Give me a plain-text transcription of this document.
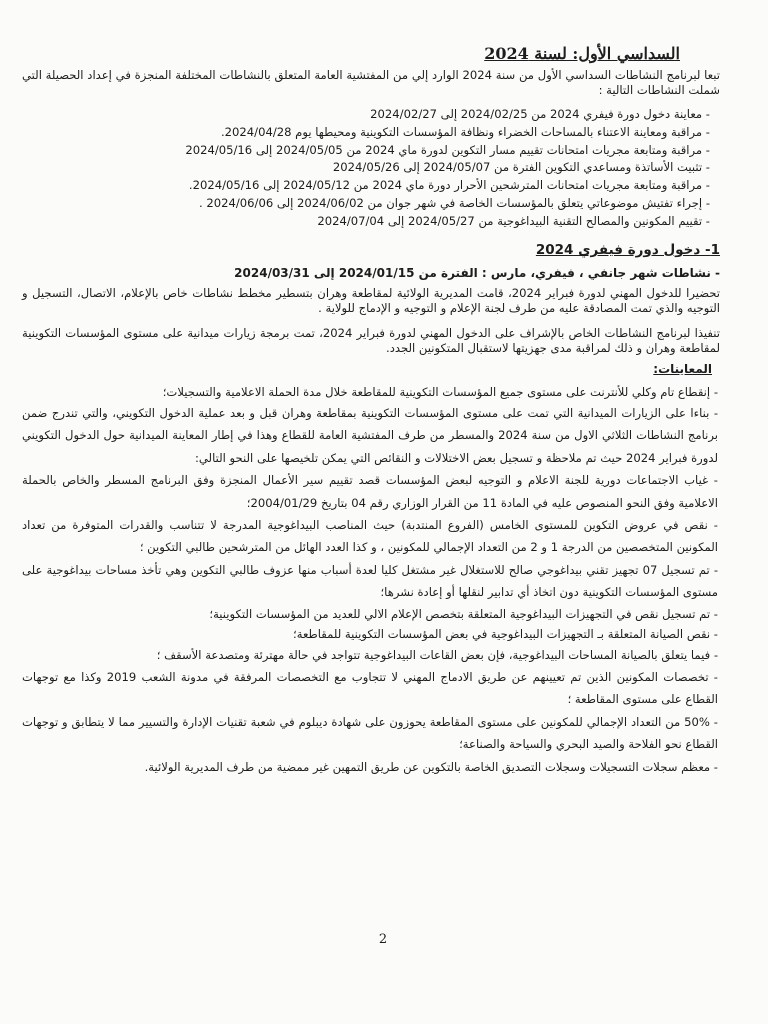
السداسي الأول: لسنة 2024

تبعا لبرنامج النشاطات السداسي الأول من سنة 2024 الوارد إلي من المفتشية العامة المتعلق بالنشاطات المختلفة المنجزة في إعداد الحصيلة التي شملت النشاطات التالية :

- معاينة دخول دورة فيفري 2024 من 2024/02/25 إلى 2024/02/27
- مراقبة ومعاينة الاعتناء بالمساحات الخضراء ونظافة المؤسسات التكوينية ومحيطها يوم 2024/04/28.
- مراقبة ومتابعة مجريات امتحانات تقييم مسار التكوين لدورة ماي 2024 من 2024/05/05 إلى 2024/05/16
- تثبيت الأساتذة ومساعدي التكوين الفترة من 2024/05/07 إلى 2024/05/26
- مراقبة ومتابعة مجريات امتحانات المترشحين الأحرار دورة ماي 2024 من 2024/05/12 إلى 2024/05/16.
- إجراء تفتيش موضوعاتي يتعلق بالمؤسسات الخاصة في شهر جوان من 2024/06/02 إلى 2024/06/06 .
- تقييم المكونين والمصالح التقنية البيداغوجية من 2024/05/27 إلى 2024/07/04
1- دخول دورة فيفري 2024

- نشاطات شهر جانفي ، فيفري، مارس : الفترة من 2024/01/15 إلى 2024/03/31

تحضيرا للدخول المهني لدورة فبراير 2024، قامت المديرية الولائية لمقاطعة وهران بتسطير مخطط نشاطات خاص بالإعلام، الاتصال، التسجيل و التوجيه والذي تمت المصادقة عليه من طرف لجنة الإعلام و التوجيه و الإدماج للولاية .

تنفيذا لبرنامج النشاطات الخاص بالإشراف على الدخول المهني لدورة فبراير 2024، تمت برمجة زيارات ميدانية على مستوى المؤسسات التكوينية لمقاطعة وهران و ذلك لمراقبة مدى جهزيتها لاستقبال المتكونين الجدد.

المعاينات:
- إنقطاع تام وكلي للأنترنت على مستوى جميع المؤسسات التكوينية للمقاطعة خلال مدة الحملة الاعلامية والتسجيلات؛
- بناءا على الزيارات الميدانية التي تمت على مستوى المؤسسات التكوينية بمقاطعة وهران قبل و بعد عملية الدخول التكويني، والتي تندرج ضمن برنامج النشاطات الثلاثي الاول من سنة 2024 والمسطر من طرف المفتشية العامة للقطاع وهذا في إطار المعاينة الميدانية حول الدخول التكويني لدورة فبراير 2024 حيث تم ملاحظة و تسجيل بعض الاختلالات و النقائص التي يمكن تلخيصها على النحو التالي:
- غياب الاجتماعات دورية للجنة الاعلام و التوجيه لبعض المؤسسات قصد تقييم سير الأعمال المنجزة وفق البرنامج المسطر والخاص بالحملة الاعلامية وفق النحو المنصوص عليه في المادة 11 من القرار الوزاري رقم 04 بتاريخ 2004/01/29؛
- نقص في عروض التكوين للمستوى الخامس (الفروع المنتدبة) حيث المناصب البيداغوجية المدرجة لا تتناسب والقدرات المتوفرة من تعداد المكونين المتخصصين من الدرجة 1 و 2 من التعداد الإجمالي للمكونين ، و كذا العدد الهائل من المترشحين طالبي التكوين ؛
- تم تسجيل 07 تجهيز تقني بيداغوجي صالح للاستغلال غير مشتغل كليا لعدة أسباب منها عزوف طالبي التكوين وهي تأخذ مساحات بيداغوجية على مستوى المؤسسات التكوينية دون اتخاذ أي تدابير لنقلها أو إعادة نشرها؛
- تم تسجيل نقص في التجهيزات البيداغوجية المتعلقة بتخصص الإعلام الالي للعديد من المؤسسات التكوينية؛
- نقص الصيانة المتعلقة بـ التجهيزات البيداغوجية في بعض المؤسسات التكوينية للمقاطعة؛
- فيما يتعلق بالصيانة المساحات البيداغوجية، فإن بعض القاعات البيداغوجية تتواجد في حالة مهترئة ومتصدعة الأسقف ؛
- تخصصات المكونين الذين تم تعيينهم عن طريق الادماج المهني لا تتجاوب مع التخصصات المرفقة في مدونة الشعب 2019 وكذا مع توجهات القطاع على مستوى المقاطعة ؛
- 50% من التعداد الإجمالي للمكونين على مستوى المقاطعة يحوزون على شهادة ديبلوم في شعبة تقنيات الإدارة والتسيير مما لا يتطابق و توجهات القطاع نحو الفلاحة والصيد البحري والسياحة والصناعة؛
- معظم سجلات التسجيلات وسجلات التصديق الخاصة بالتكوين عن طريق التمهين غير ممضية من طرف المديرية الولائية.

2
